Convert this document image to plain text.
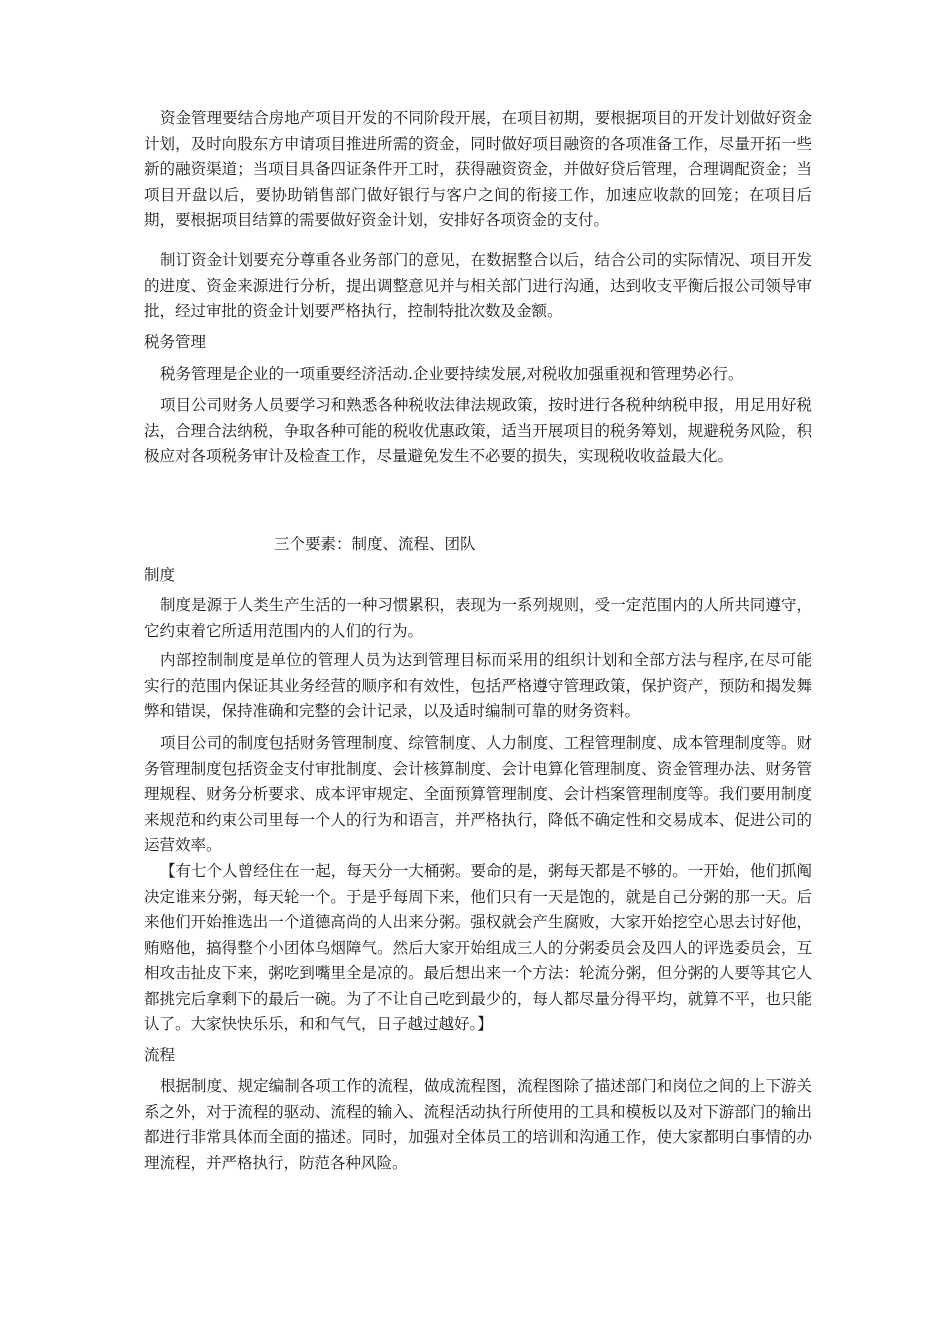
资金管理要结合房地产项目开发的不同阶段开展，在项目初期，要根据项目的开发计划做好资金计划，及时向股东方申请项目推进所需的资金，同时做好项目融资的各项准备工作，尽量开拓一些新的融资渠道；当项目具备四证条件开工时，获得融资资金，并做好贷后管理，合理调配资金；当项目开盘以后，要协助销售部门做好银行与客户之间的衔接工作，加速应收款的回笼；在项目后期，要根据项目结算的需要做好资金计划，安排好各项资金的支付。

制订资金计划要充分尊重各业务部门的意见，在数据整合以后，结合公司的实际情况、项目开发的进度、资金来源进行分析，提出调整意见并与相关部门进行沟通，达到收支平衡后报公司领导审批，经过审批的资金计划要严格执行，控制特批次数及金额。

税务管理

税务管理是企业的一项重要经济活动.企业要持续发展,对税收加强重视和管理势必行。

项目公司财务人员要学习和熟悉各种税收法律法规政策，按时进行各税种纳税申报，用足用好税法，合理合法纳税，争取各种可能的税收优惠政策，适当开展项目的税务筹划，规避税务风险，积极应对各项税务审计及检查工作，尽量避免发生不必要的损失，实现税收收益最大化。

三个要素：制度、流程、团队
制度

制度是源于人类生产生活的一种习惯累积，表现为一系列规则，受一定范围内的人所共同遵守，它约束着它所适用范围内的人们的行为。

内部控制制度是单位的管理人员为达到管理目标而采用的组织计划和全部方法与程序,在尽可能实行的范围内保证其业务经营的顺序和有效性，包括严格遵守管理政策，保护资产，预防和揭发舞弊和错误，保持准确和完整的会计记录，以及适时编制可靠的财务资料。

项目公司的制度包括财务管理制度、综管制度、人力制度、工程管理制度、成本管理制度等。财务管理制度包括资金支付审批制度、会计核算制度、会计电算化管理制度、资金管理办法、财务管理规程、财务分析要求、成本评审规定、全面预算管理制度、会计档案管理制度等。我们要用制度来规范和约束公司里每一个人的行为和语言，并严格执行，降低不确定性和交易成本、促进公司的运营效率。

【有七个人曾经住在一起，每天分一大桶粥。要命的是，粥每天都是不够的。一开始，他们抓阄决定谁来分粥，每天轮一个。于是乎每周下来，他们只有一天是饱的，就是自己分粥的那一天。后来他们开始推选出一个道德高尚的人出来分粥。强权就会产生腐败，大家开始挖空心思去讨好他，贿赂他，搞得整个小团体乌烟障气。然后大家开始组成三人的分粥委员会及四人的评选委员会，互相攻击扯皮下来，粥吃到嘴里全是凉的。最后想出来一个方法：轮流分粥，但分粥的人要等其它人都挑完后拿剩下的最后一碗。为了不让自己吃到最少的，每人都尽量分得平均，就算不平，也只能认了。大家快快乐乐，和和气气，日子越过越好。】

流程

根据制度、规定编制各项工作的流程，做成流程图，流程图除了描述部门和岗位之间的上下游关系之外，对于流程的驱动、流程的输入、流程活动执行所使用的工具和模板以及对下游部门的输出都进行非常具体而全面的描述。同时，加强对全体员工的培训和沟通工作，使大家都明白事情的办理流程，并严格执行，防范各种风险。
